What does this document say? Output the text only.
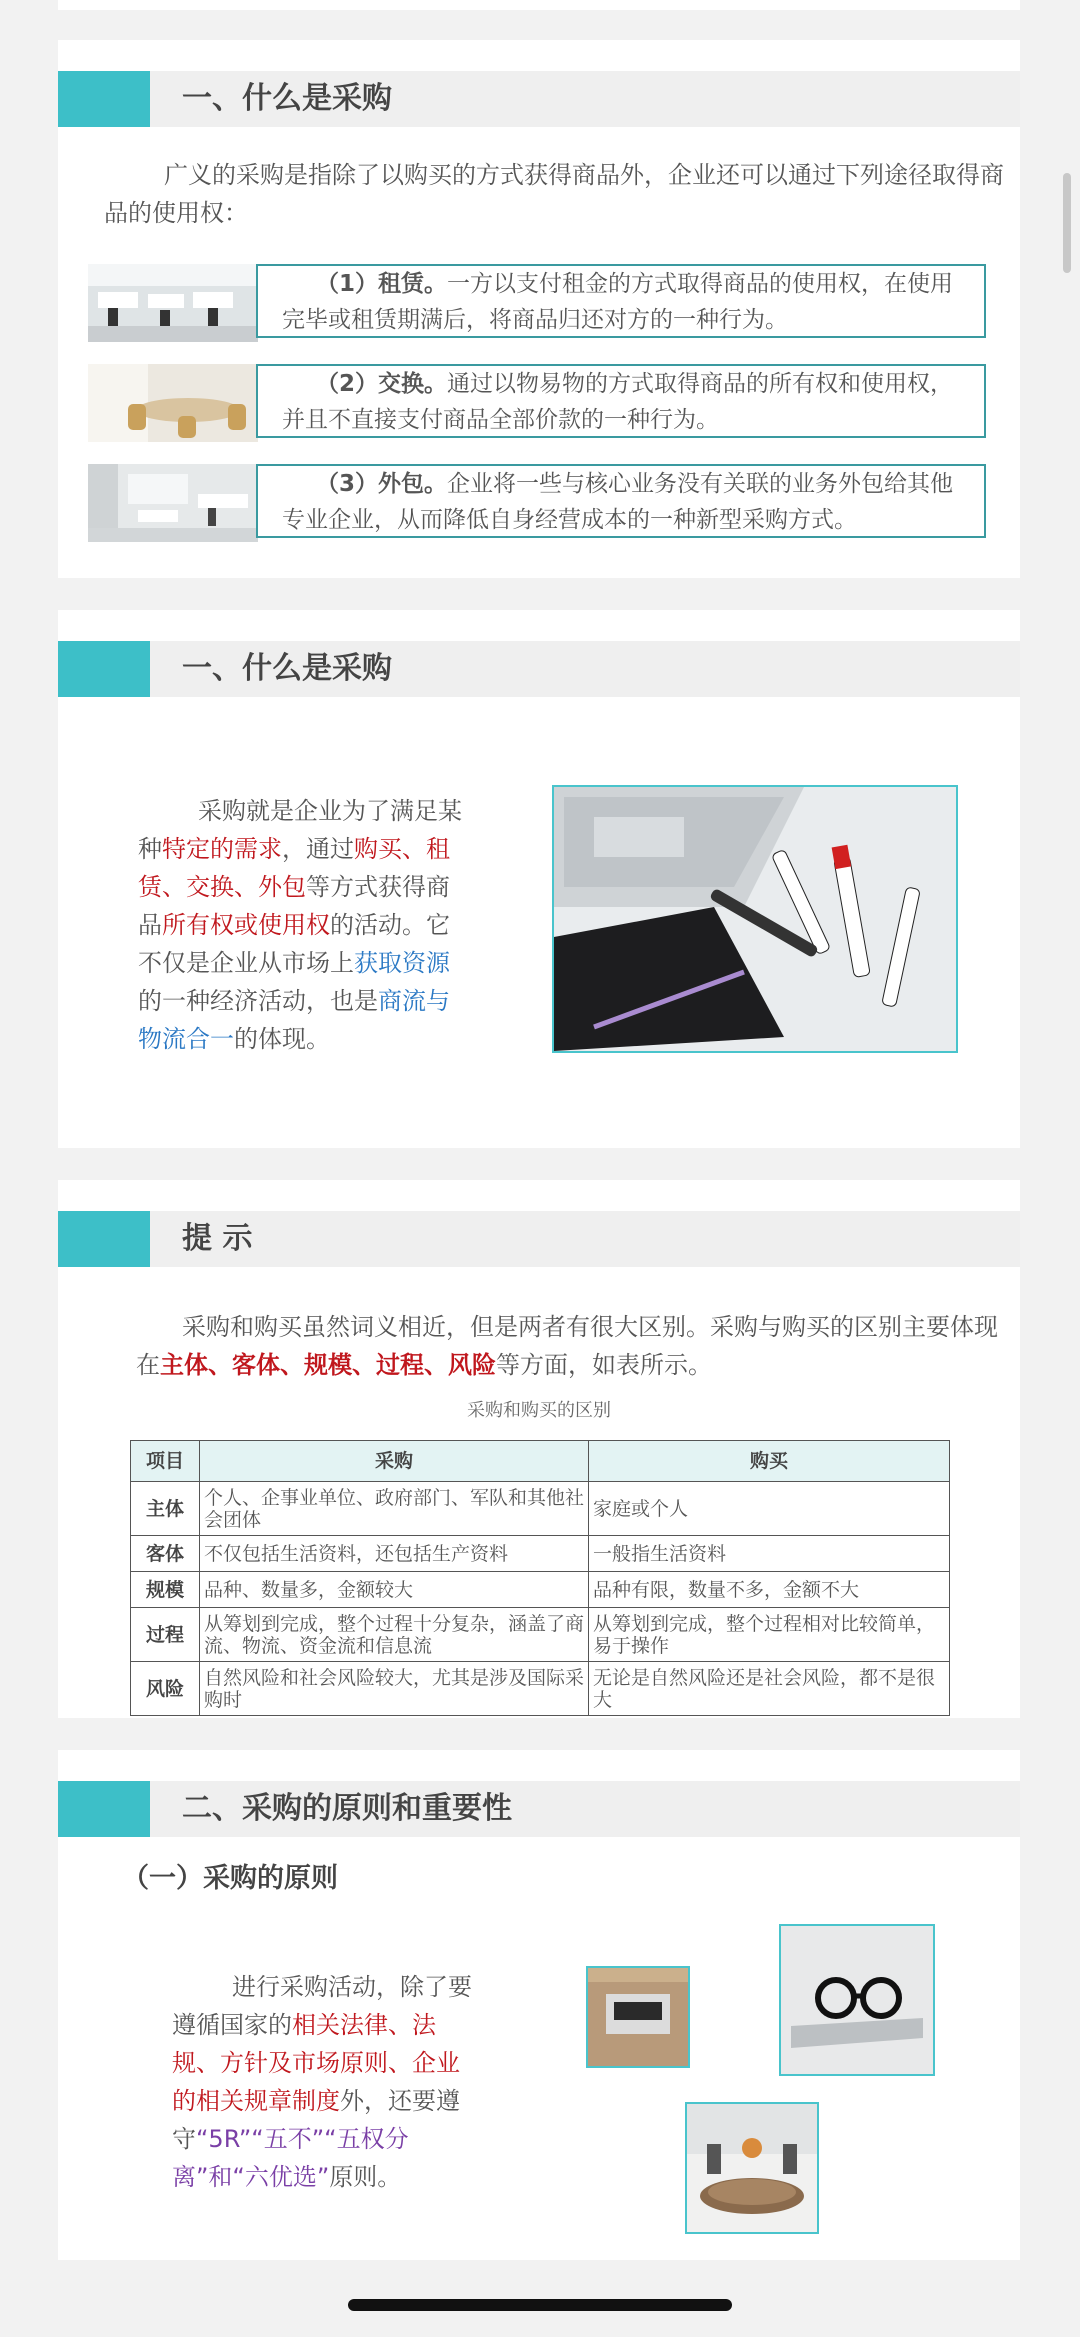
一、什么是采购
广义的采购是指除了以购买的方式获得商品外，企业还可以通过下列途径取得商品的使用权：
（1）租赁。一方以支付租金的方式取得商品的使用权，在使用完毕或租赁期满后，将商品归还对方的一种行为。
（2）交换。通过以物易物的方式取得商品的所有权和使用权，并且不直接支付商品全部价款的一种行为。
（3）外包。企业将一些与核心业务没有关联的业务外包给其他专业企业，从而降低自身经营成本的一种新型采购方式。
一、什么是采购
采购就是企业为了满足某种特定的需求，通过购买、租赁、交换、外包等方式获得商品所有权或使用权的活动。它不仅是企业从市场上获取资源的一种经济活动，也是商流与物流合一的体现。
提 示
采购和购买虽然词义相近，但是两者有很大区别。采购与购买的区别主要体现在主体、客体、规模、过程、风险等方面，如表所示。
采购和购买的区别
项目	采购	购买
主体	个人、企事业单位、政府部门、军队和其他社会团体	家庭或个人
客体	不仅包括生活资料，还包括生产资料	一般指生活资料
规模	品种、数量多，金额较大	品种有限，数量不多，金额不大
过程	从筹划到完成，整个过程十分复杂，涵盖了商流、物流、资金流和信息流	从筹划到完成，整个过程相对比较简单，易于操作
风险	自然风险和社会风险较大，尤其是涉及国际采购时	无论是自然风险还是社会风险，都不是很大
二、采购的原则和重要性
（一）采购的原则
进行采购活动，除了要遵循国家的相关法律、法规、方针及市场原则、企业的相关规章制度外，还要遵守“5R”“五不”“五权分离”和“六优选”原则。
